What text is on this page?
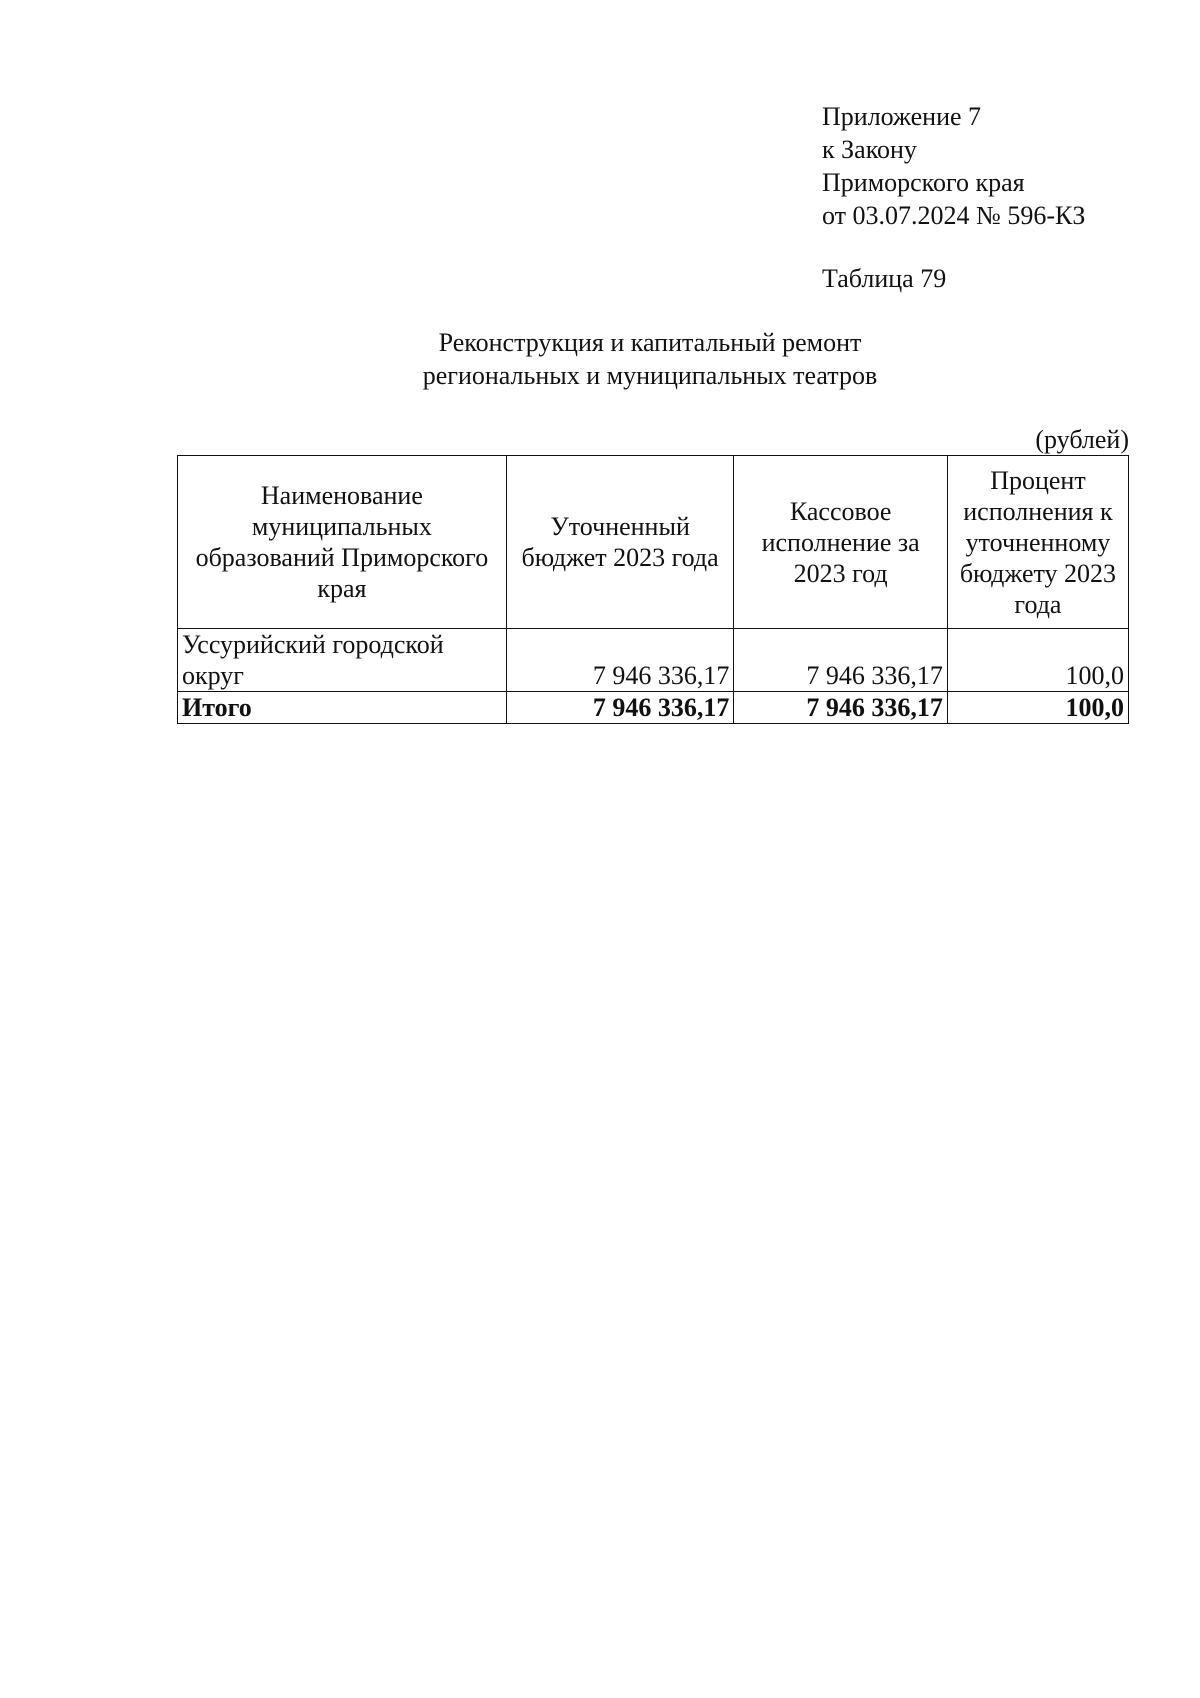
Приложение 7
к Закону
Приморского края
от 03.07.2024 № 596-КЗ
Таблица 79
Реконструкция и капитальный ремонт
региональных и муниципальных театров
(рублей)
Наименование муниципальных образований Приморского края	Уточненный бюджет 2023 года	Кассовое исполнение за 2023 год	Процент исполнения к уточненному бюджету 2023 года
Уссурийский городской округ	7 946 336,17	7 946 336,17	100,0
Итого	7 946 336,17	7 946 336,17	100,0
